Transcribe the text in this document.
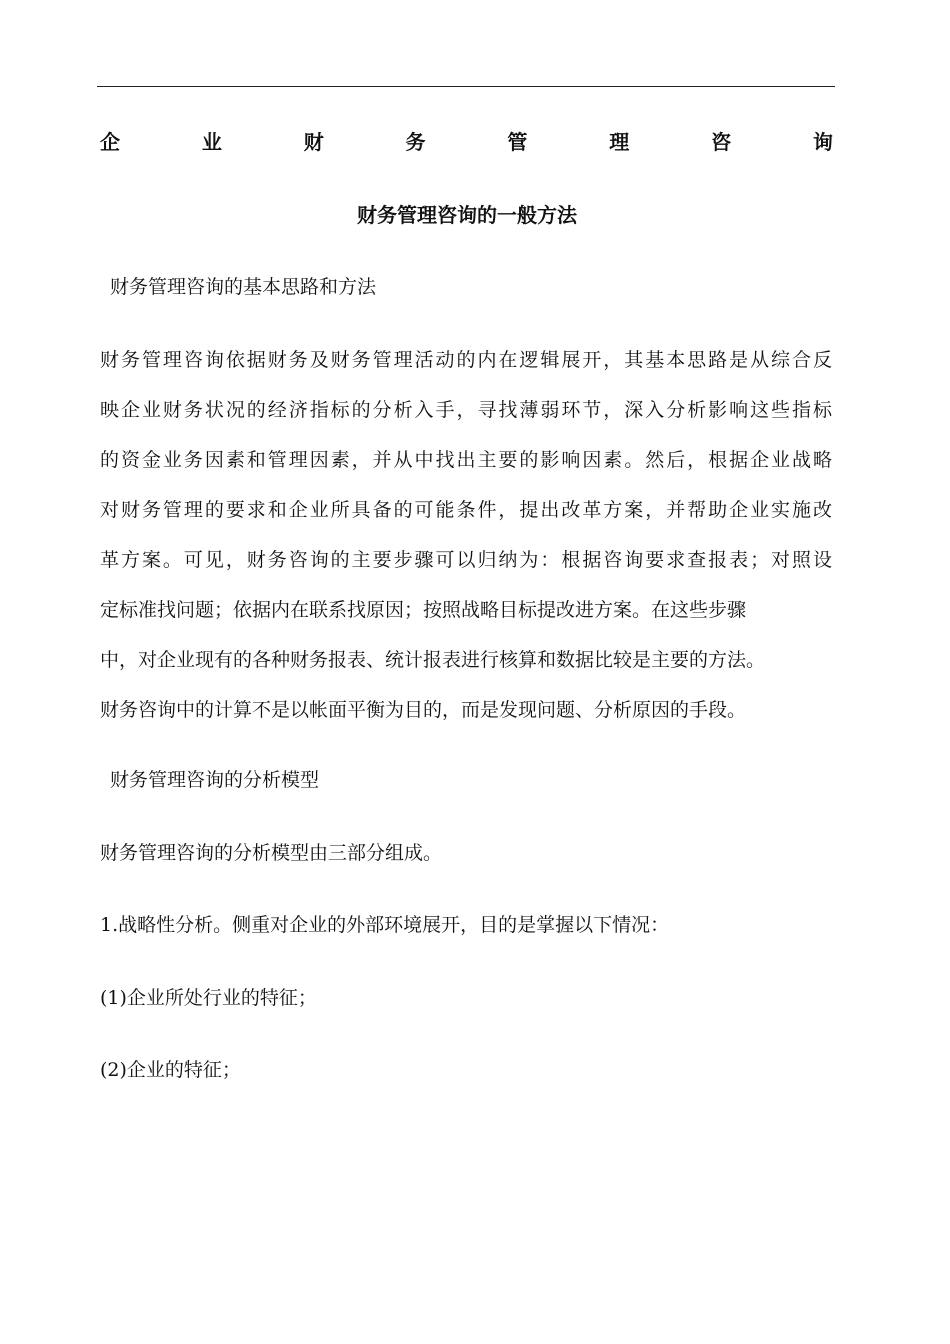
企	业	财	务	管	理	咨	询
财务管理咨询的一般方法
财务管理咨询的基本思路和方法
财务管理咨询依据财务及财务管理活动的内在逻辑展开，其基本思路是从综合反
映企业财务状况的经济指标的分析入手，寻找薄弱环节，深入分析影响这些指标
的资金业务因素和管理因素，并从中找出主要的影响因素。然后，根据企业战略
对财务管理的要求和企业所具备的可能条件，提出改革方案，并帮助企业实施改
革方案。可见，财务咨询的主要步骤可以归纳为：根据咨询要求查报表；对照设
定标准找问题；依据内在联系找原因；按照战略目标提改进方案。在这些步骤
中，对企业现有的各种财务报表、统计报表进行核算和数据比较是主要的方法。
财务咨询中的计算不是以帐面平衡为目的，而是发现问题、分析原因的手段。
财务管理咨询的分析模型
财务管理咨询的分析模型由三部分组成。
1.战略性分析。侧重对企业的外部环境展开，目的是掌握以下情况：
(1)企业所处行业的特征；
(2)企业的特征；
